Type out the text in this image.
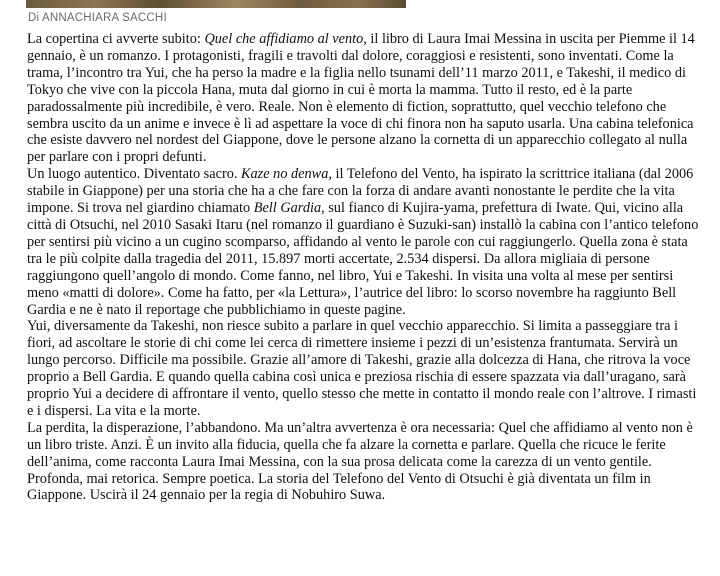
Di ANNACHIARA SACCHI

La copertina ci avverte subito: Quel che affidiamo al vento, il libro di Laura Imai Messina in uscita per Piemme il 14 gennaio, è un romanzo. I protagonisti, fragili e travolti dal dolore, coraggiosi e resistenti, sono inventati. Come la trama, l’incontro tra Yui, che ha perso la madre e la figlia nello tsunami dell’11 marzo 2011, e Takeshi, il medico di Tokyo che vive con la piccola Hana, muta dal giorno in cui è morta la mamma. Tutto il resto, ed è la parte paradossalmente più incredibile, è vero. Reale. Non è elemento di fiction, soprattutto, quel vecchio telefono che sembra uscito da un anime e invece è lì ad aspettare la voce di chi finora non ha saputo usarla. Una cabina telefonica che esiste davvero nel nordest del Giappone, dove le persone alzano la cornetta di un apparecchio collegato al nulla per parlare con i propri defunti.

Un luogo autentico. Diventato sacro. Kaze no denwa, il Telefono del Vento, ha ispirato la scrittrice italiana (dal 2006 stabile in Giappone) per una storia che ha a che fare con la forza di andare avanti nonostante le perdite che la vita impone. Si trova nel giardino chiamato Bell Gardia, sul fianco di Kujira-yama, prefettura di Iwate. Qui, vicino alla città di Otsuchi, nel 2010 Sasaki Itaru (nel romanzo il guardiano è Suzuki-san) installò la cabina con l’antico telefono per sentirsi più vicino a un cugino scomparso, affidando al vento le parole con cui raggiungerlo. Quella zona è stata tra le più colpite dalla tragedia del 2011, 15.897 morti accertate, 2.534 dispersi. Da allora migliaia di persone raggiungono quell’angolo di mondo. Come fanno, nel libro, Yui e Takeshi. In visita una volta al mese per sentirsi meno «matti di dolore». Come ha fatto, per «la Lettura», l’autrice del libro: lo scorso novembre ha raggiunto Bell Gardia e ne è nato il reportage che pubblichiamo in queste pagine.

Yui, diversamente da Takeshi, non riesce subito a parlare in quel vecchio apparecchio. Si limita a passeggiare tra i fiori, ad ascoltare le storie di chi come lei cerca di rimettere insieme i pezzi di un’esistenza frantumata. Servirà un lungo percorso. Difficile ma possibile. Grazie all’amore di Takeshi, grazie alla dolcezza di Hana, che ritrova la voce proprio a Bell Gardia. E quando quella cabina così unica e preziosa rischia di essere spazzata via dall’uragano, sarà proprio Yui a decidere di affrontare il vento, quello stesso che mette in contatto il mondo reale con l’altrove. I rimasti e i dispersi. La vita e la morte.

La perdita, la disperazione, l’abbandono. Ma un’altra avvertenza è ora necessaria: Quel che affidiamo al vento non è un libro triste. Anzi. È un invito alla fiducia, quella che fa alzare la cornetta e parlare. Quella che ricuce le ferite dell’anima, come racconta Laura Imai Messina, con la sua prosa delicata come la carezza di un vento gentile. Profonda, mai retorica. Sempre poetica. La storia del Telefono del Vento di Otsuchi è già diventata un film in Giappone. Uscirà il 24 gennaio per la regia di Nobuhiro Suwa.
